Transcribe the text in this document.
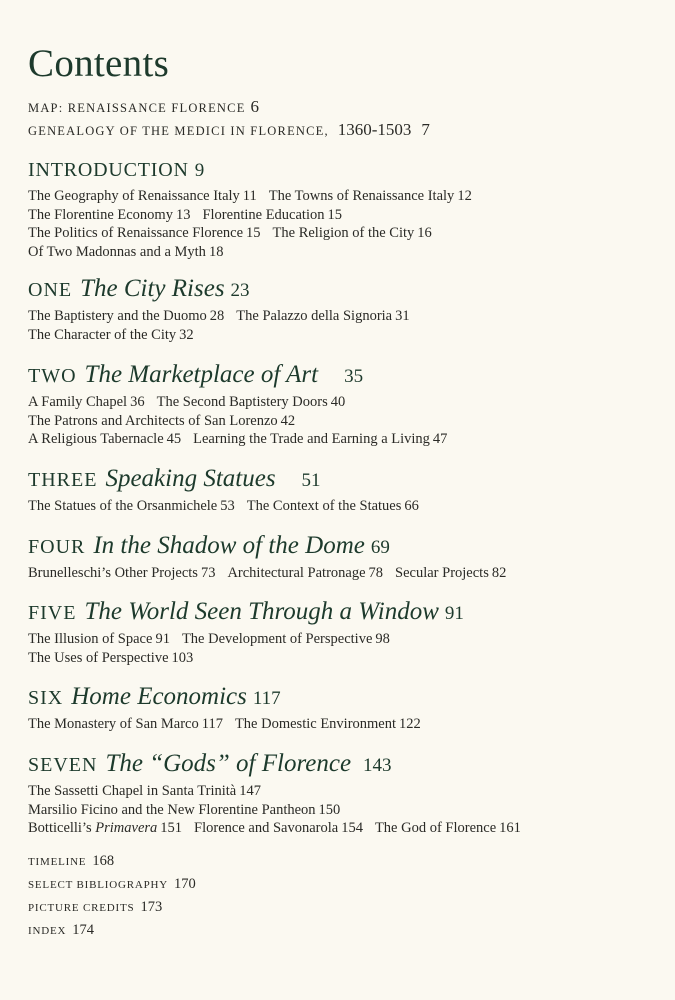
Contents
MAP: RENAISSANCE FLORENCE 6
GENEALOGY OF THE MEDICI IN FLORENCE, 1360-1503 7
INTRODUCTION 9
The Geography of Renaissance Italy 11 The Towns of Renaissance Italy 12
The Florentine Economy 13 Florentine Education 15
The Politics of Renaissance Florence 15 The Religion of the City 16
Of Two Madonnas and a Myth 18
ONE The City Rises 23
The Baptistery and the Duomo 28 The Palazzo della Signoria 31
The Character of the City 32
TWO The Marketplace of Art 35
A Family Chapel 36 The Second Baptistery Doors 40
The Patrons and Architects of San Lorenzo 42
A Religious Tabernacle 45 Learning the Trade and Earning a Living 47
THREE Speaking Statues 51
The Statues of the Orsanmichele 53 The Context of the Statues 66
FOUR In the Shadow of the Dome 69
Brunelleschi’s Other Projects 73 Architectural Patronage 78 Secular Projects 82
FIVE The World Seen Through a Window 91
The Illusion of Space 91 The Development of Perspective 98
The Uses of Perspective 103
SIX Home Economics 117
The Monastery of San Marco 117 The Domestic Environment 122
SEVEN The “Gods” of Florence 143
The Sassetti Chapel in Santa Trinità 147
Marsilio Ficino and the New Florentine Pantheon 150
Botticelli’s Primavera 151 Florence and Savonarola 154 The God of Florence 161
TIMELINE 168
SELECT BIBLIOGRAPHY 170
PICTURE CREDITS 173
INDEX 174
